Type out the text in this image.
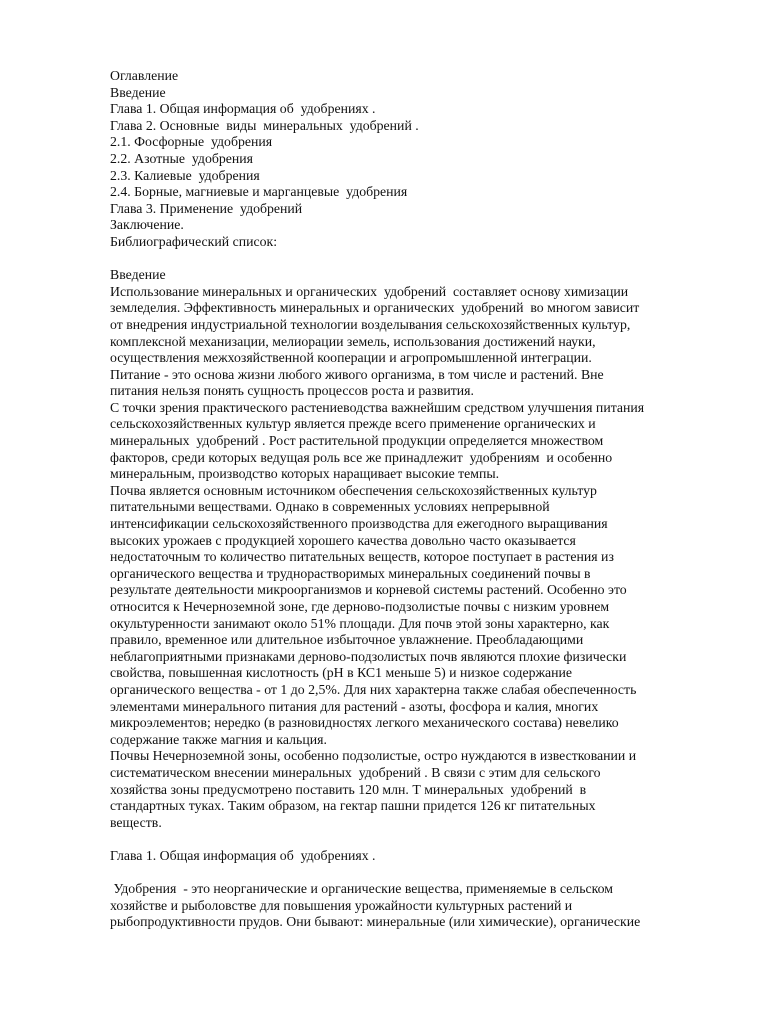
Оглавление
Введение
Глава 1. Общая информация об  удобрениях .
Глава 2. Основные  виды  минеральных  удобрений .
2.1. Фосфорные  удобрения
2.2. Азотные  удобрения
2.3. Калиевые  удобрения
2.4. Борные, магниевые и марганцевые  удобрения
Глава 3. Применение  удобрений
Заключение.
Библиографический список:
Введение
Использование минеральных и органических  удобрений  составляет основу химизации
земледелия. Эффективность минеральных и органических  удобрений  во многом зависит
от внедрения индустриальной технологии возделывания сельскохозяйственных культур,
комплексной механизации, мелиорации земель, использования достижений науки,
осуществления межхозяйственной кооперации и агропромышленной интеграции.
Питание - это основа жизни любого живого организма, в том числе и растений. Вне
питания нельзя понять сущность процессов роста и развития.
С точки зрения практического растениеводства важнейшим средством улучшения питания
сельскохозяйственных культур является прежде всего применение органических и
минеральных  удобрений . Рост растительной продукции определяется множеством
факторов, среди которых ведущая роль все же принадлежит  удобрениям  и особенно
минеральным, производство которых наращивает высокие темпы.
Почва является основным источником обеспечения сельскохозяйственных культур
питательными веществами. Однако в современных условиях непрерывной
интенсификации сельскохозяйственного производства для ежегодного выращивания
высоких урожаев с продукцией хорошего качества довольно часто оказывается
недостаточным то количество питательных веществ, которое поступает в растения из
органического вещества и труднорастворимых минеральных соединений почвы в
результате деятельности микроорганизмов и корневой системы растений. Особенно это
относится к Нечерноземной зоне, где дерново-подзолистые почвы с низким уровнем
окультуренности занимают около 51% площади. Для почв этой зоны характерно, как
правило, временное или длительное избыточное увлажнение. Преобладающими
неблагоприятными признаками дерново-подзолистых почв являются плохие физически
свойства, повышенная кислотность (рН в КС1 меньше 5) и низкое содержание
органического вещества - от 1 до 2,5%. Для них характерна также слабая обеспеченность
элементами минерального питания для растений - азоты, фосфора и калия, многих
микроэлементов; нередко (в разновидностях легкого механического состава) невелико
содержание также магния и кальция.
Почвы Нечерноземной зоны, особенно подзолистые, остро нуждаются в известковании и
систематическом внесении минеральных  удобрений . В связи с этим для сельского
хозяйства зоны предусмотрено поставить 120 млн. Т минеральных  удобрений  в
стандартных туках. Таким образом, на гектар пашни придется 126 кг питательных
веществ.
Глава 1. Общая информация об  удобрениях .
Удобрения  - это неорганические и органические вещества, применяемые в сельском
хозяйстве и рыболовстве для повышения урожайности культурных растений и
рыбопродуктивности прудов. Они бывают: минеральные (или химические), органические
